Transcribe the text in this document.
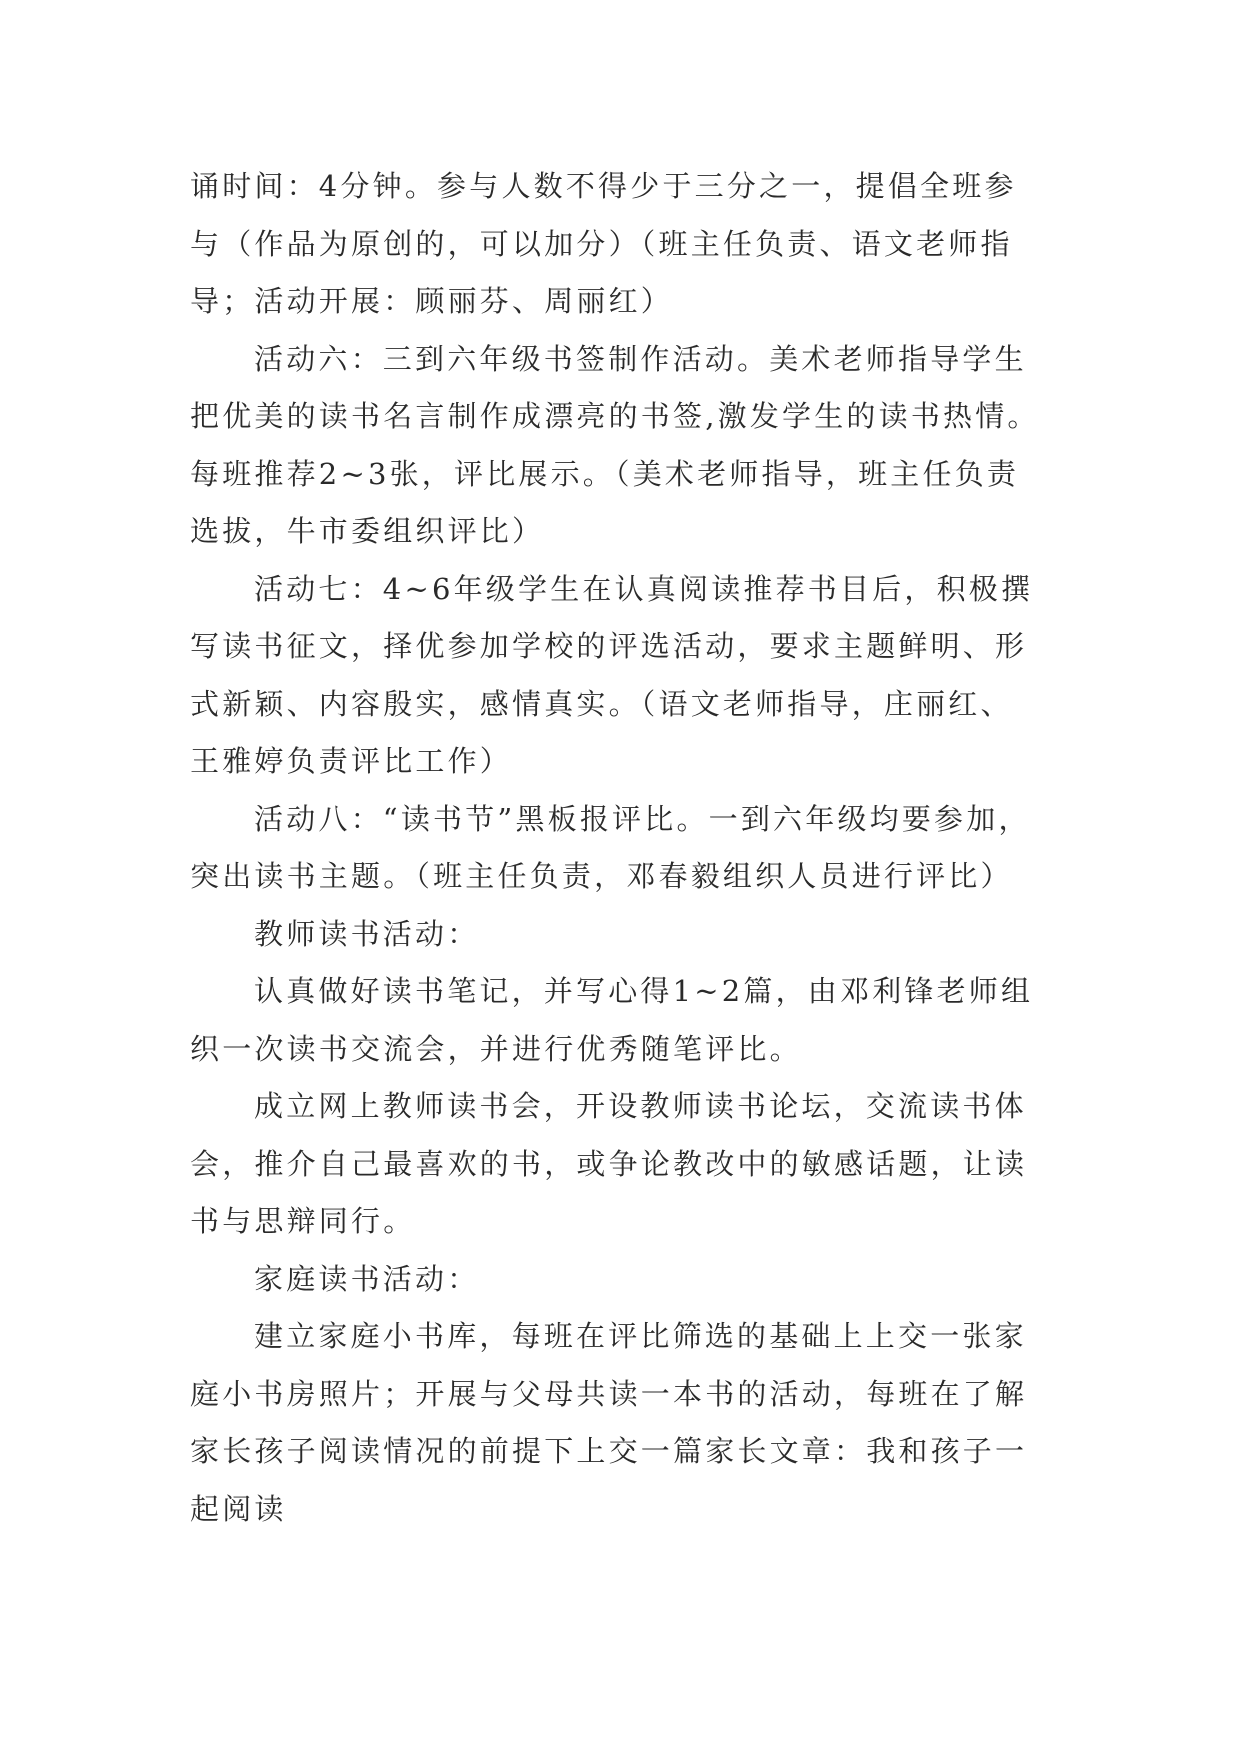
诵时间：4分钟。参与人数不得少于三分之一，提倡全班参
与（作品为原创的，可以加分）（班主任负责、语文老师指
导；活动开展：顾丽芬、周丽红）

活动六：三到六年级书签制作活动。美术老师指导学生
把优美的读书名言制作成漂亮的书签,激发学生的读书热情。
每班推荐2~3张，评比展示。（美术老师指导，班主任负责
选拔，牛市委组织评比）

活动七：4~6年级学生在认真阅读推荐书目后，积极撰
写读书征文，择优参加学校的评选活动，要求主题鲜明、形
式新颖、内容殷实，感情真实。（语文老师指导，庄丽红、
王雅婷负责评比工作）

活动八：“读书节”黑板报评比。一到六年级均要参加，
突出读书主题。（班主任负责，邓春毅组织人员进行评比）

教师读书活动：

认真做好读书笔记，并写心得1~2篇，由邓利锋老师组
织一次读书交流会，并进行优秀随笔评比。

成立网上教师读书会，开设教师读书论坛，交流读书体
会，推介自己最喜欢的书，或争论教改中的敏感话题，让读
书与思辩同行。

家庭读书活动：

建立家庭小书库，每班在评比筛选的基础上上交一张家
庭小书房照片；开展与父母共读一本书的活动，每班在了解
家长孩子阅读情况的前提下上交一篇家长文章：我和孩子一
起阅读
